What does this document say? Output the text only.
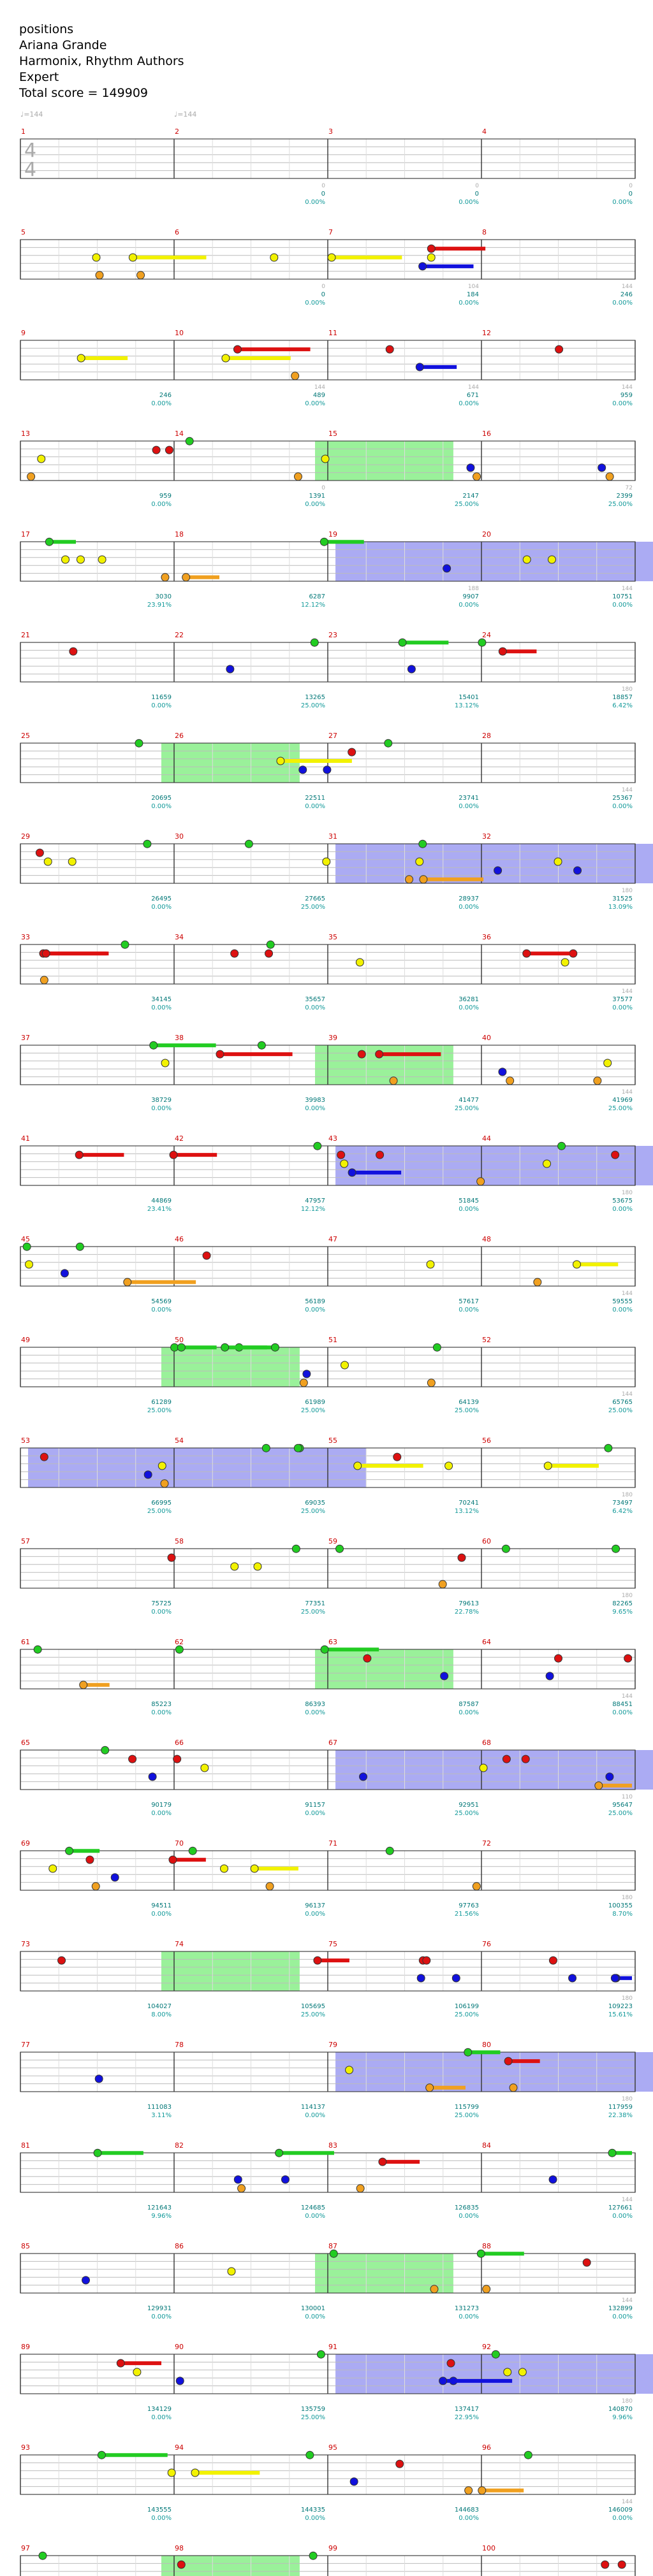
positions
Ariana Grande
Harmonix, Rhythm Authors
Expert
Total score = 149909
♩=144	♩=144
1	2
0
0
0.00%
3
0
0
0.00%
4
0
0
0.00%
4
4
5	6
0
0
0.00%
7
104
184
0.00%
8
144
246
0.00%
9
246
0.00%
10
144
489
0.00%
11
144
671
0.00%
12
144
959
0.00%
13
959
0.00%
14
0
1391
0.00%
15
2147
25.00%
16
72
2399
25.00%
17
3030
23.91%
18
6287
12.12%
19
188
9907
0.00%
20
144
10751
0.00%
21
11659
0.00%
22
13265
25.00%
23
15401
13.12%
24
180
18857
6.42%
25
20695
0.00%
26
22511
0.00%
27
23741
0.00%
28
144
25367
0.00%
29
26495
0.00%
30
27665
25.00%
31
28937
0.00%
32
180
31525
13.09%
33
34145
0.00%
34
35657
0.00%
35
36281
0.00%
36
144
37577
0.00%
37
38729
0.00%
38
39983
0.00%
39
41477
25.00%
40
144
41969
25.00%
41
44869
23.41%
42
47957
12.12%
43
51845
0.00%
44
180
53675
0.00%
45
54569
0.00%
46
56189
0.00%
47
57617
0.00%
48
144
59555
0.00%
49
61289
25.00%
50
61989
25.00%
51
64139
25.00%
52
144
65765
25.00%
53
66995
25.00%
54
69035
25.00%
55
70241
13.12%
56
180
73497
6.42%
57
75725
0.00%
58
77351
25.00%
59
79613
22.78%
60
180
82265
9.65%
61
85223
0.00%
62
86393
0.00%
63
87587
0.00%
64
144
88451
0.00%
65
90179
0.00%
66
91157
0.00%
67
92951
25.00%
68
110
95647
25.00%
69
94511
0.00%
70
96137
0.00%
71
97763
21.56%
72
180
100355
8.70%
73
104027
8.00%
74
105695
25.00%
75
106199
25.00%
76
180
109223
15.61%
77
111083
3.11%
78
114137
0.00%
79
115799
25.00%
80
180
117959
22.38%
81
121643
9.96%
82
124685
0.00%
83
126835
0.00%
84
144
127661
0.00%
85
129931
0.00%
86
130001
0.00%
87
131273
0.00%
88
144
132899
0.00%
89
134129
0.00%
90
135759
25.00%
91
137417
22.95%
92
180
140870
9.96%
93
143555
0.00%
94
144335
0.00%
95
144683
0.00%
96
144
146009
0.00%
97	98	99	100
